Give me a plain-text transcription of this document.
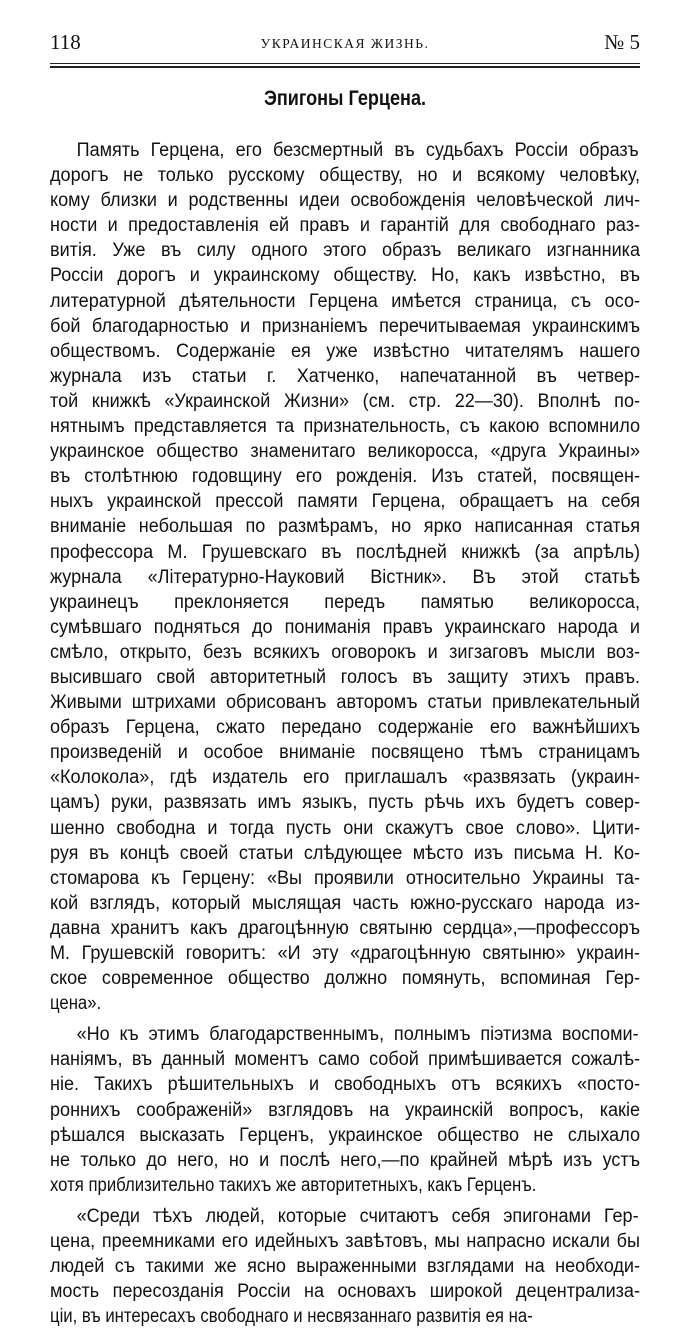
118	УКРАИНСКАЯ ЖИЗНЬ.	№ 5
Эпигоны Герцена.
Память Герцена, его безсмертный въ судьбахъ Россіи образъ
дорогъ не только русскому обществу, но и всякому человѣку,
кому близки и родственны идеи освобожденія человѣческой лич-
ности и предоставленія ей правъ и гарантій для свободнаго раз-
витія. Уже въ силу одного этого образъ великаго изгнанника
Россіи дорогъ и украинскому обществу. Но, какъ извѣстно, въ
литературной дѣятельности Герцена имѣется страница, съ осо-
бой благодарностью и признаніемъ перечитываемая украинскимъ
обществомъ. Содержаніе ея уже извѣстно читателямъ нашего
журнала изъ статьи г. Хатченко, напечатанной въ четвер-
той книжкѣ «Украинской Жизни» (см. стр. 22—30). Вполнѣ по-
нятнымъ представляется та признательность, съ какою вспомнило
украинское общество знаменитаго великоросса, «друга Украины»
въ столѣтнюю годовщину его рожденія. Изъ статей, посвящен-
ныхъ украинской прессой памяти Герцена, обращаетъ на себя
вниманіе небольшая по размѣрамъ, но ярко написанная статья
профессора М. Грушевскаго въ послѣдней книжкѣ (за апрѣль)
журнала «Літературно-Науковий Вістник». Въ этой статьѣ
украинецъ преклоняется передъ памятью великоросса,
сумѣвшаго подняться до пониманія правъ украинскаго народа и
смѣло, открыто, безъ всякихъ оговорокъ и зигзаговъ мысли воз-
высившаго свой авторитетный голосъ въ защиту этихъ правъ.
Живыми штрихами обрисованъ авторомъ статьи привлекательный
образъ Герцена, сжато передано содержаніе его важнѣйшихъ
произведеній и особое вниманіе посвящено тѣмъ страницамъ
«Колокола», гдѣ издатель его приглашалъ «развязать (украин-
цамъ) руки, развязать имъ языкъ, пусть рѣчь ихъ будетъ совер-
шенно свободна и тогда пусть они скажутъ свое слово». Цити-
руя въ концѣ своей статьи слѣдующее мѣсто изъ письма Н. Ко-
стомарова къ Герцену: «Вы проявили относительно Украины та-
кой взглядъ, который мыслящая часть южно-русскаго народа из-
давна хранитъ какъ драгоцѣнную святыню сердца»,—профессоръ
М. Грушевскій говоритъ: «И эту «драгоцѣнную святыню» украин-
ское современное общество должно помянуть, вспоминая Гер-
цена».
«Но къ этимъ благодарственнымъ, полнымъ піэтизма воспоми-
наніямъ, въ данный моментъ само собой примѣшивается сожалѣ-
ніе. Такихъ рѣшительныхъ и свободныхъ отъ всякихъ «посто-
роннихъ соображеній» взглядовъ на украинскій вопросъ, какіе
рѣшался высказать Герценъ, украинское общество не слыхало
не только до него, но и послѣ него,—по крайней мѣрѣ изъ устъ
хотя приблизительно такихъ же авторитетныхъ, какъ Герценъ.
«Среди тѣхъ людей, которые считаютъ себя эпигонами Гер-
цена, преемниками его идейныхъ завѣтовъ, мы напрасно искали бы
людей съ такими же ясно выраженными взглядами на необходи-
мость пересозданія Россіи на основахъ широкой децентрализа-
ціи, въ интересахъ свободнаго и несвязаннаго развитія ея на-
